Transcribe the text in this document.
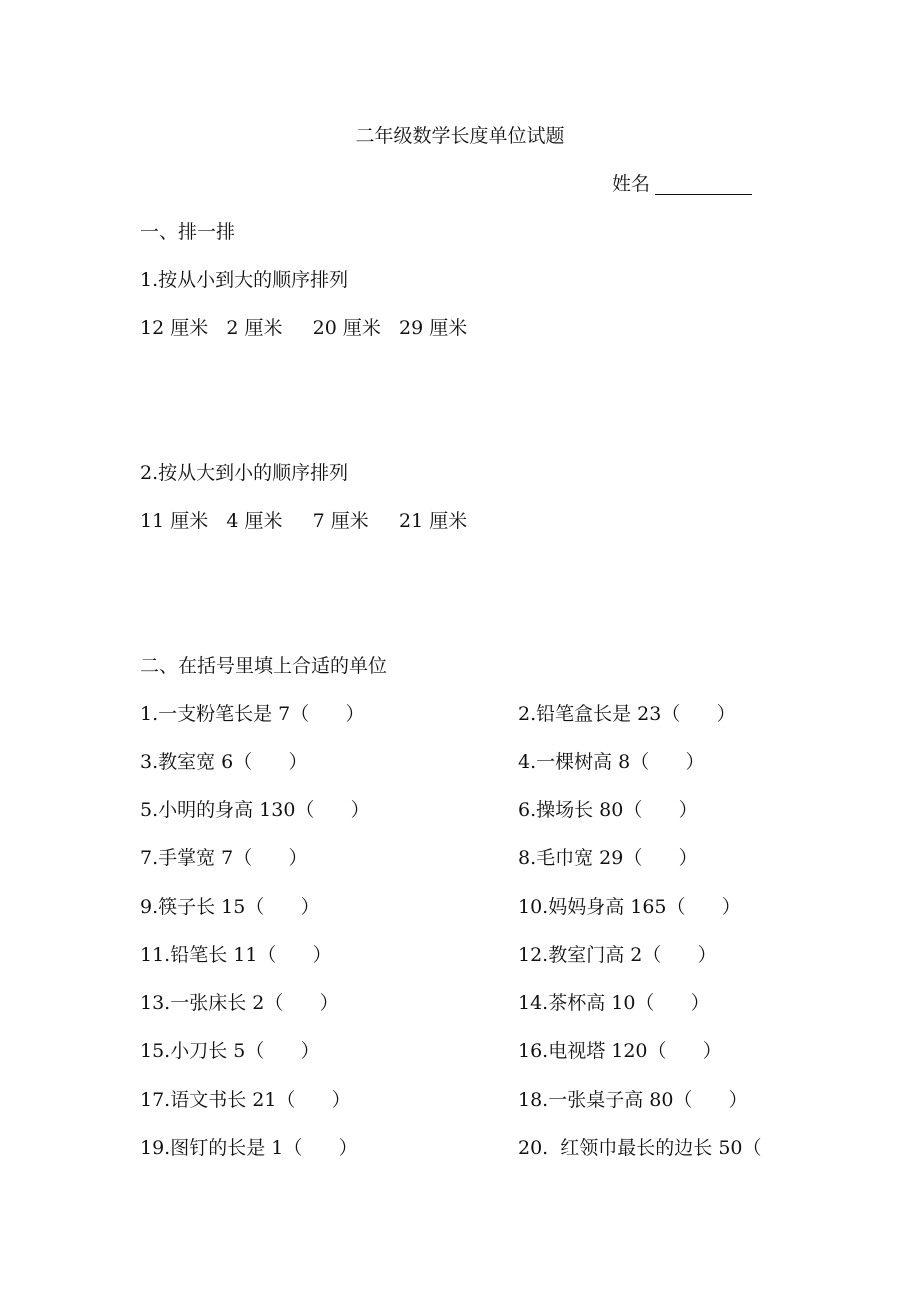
二年级数学长度单位试题
姓名
一、排一排
1.按从小到大的顺序排列
12 厘米   2 厘米     20 厘米   29 厘米
2.按从大到小的顺序排列
11 厘米   4 厘米     7 厘米     21 厘米
二、在括号里填上合适的单位
1.一支粉笔长是 7（      ）	2.铅笔盒长是 23（      ）
3.教室宽 6（      ）	4.一棵树高 8（      ）
5.小明的身高 130（      ）	6.操场长 80（      ）
7.手掌宽 7（      ）	8.毛巾宽 29（      ）
9.筷子长 15（      ）	10.妈妈身高 165（      ）
11.铅笔长 11（      ）	12.教室门高 2（      ）
13.一张床长 2（      ）	14.茶杯高 10（      ）
15.小刀长 5（      ）	16.电视塔 120（      ）
17.语文书长 21（      ）	18.一张桌子高 80（      ）
19.图钉的长是 1（      ）	20.  红领巾最长的边长 50（
